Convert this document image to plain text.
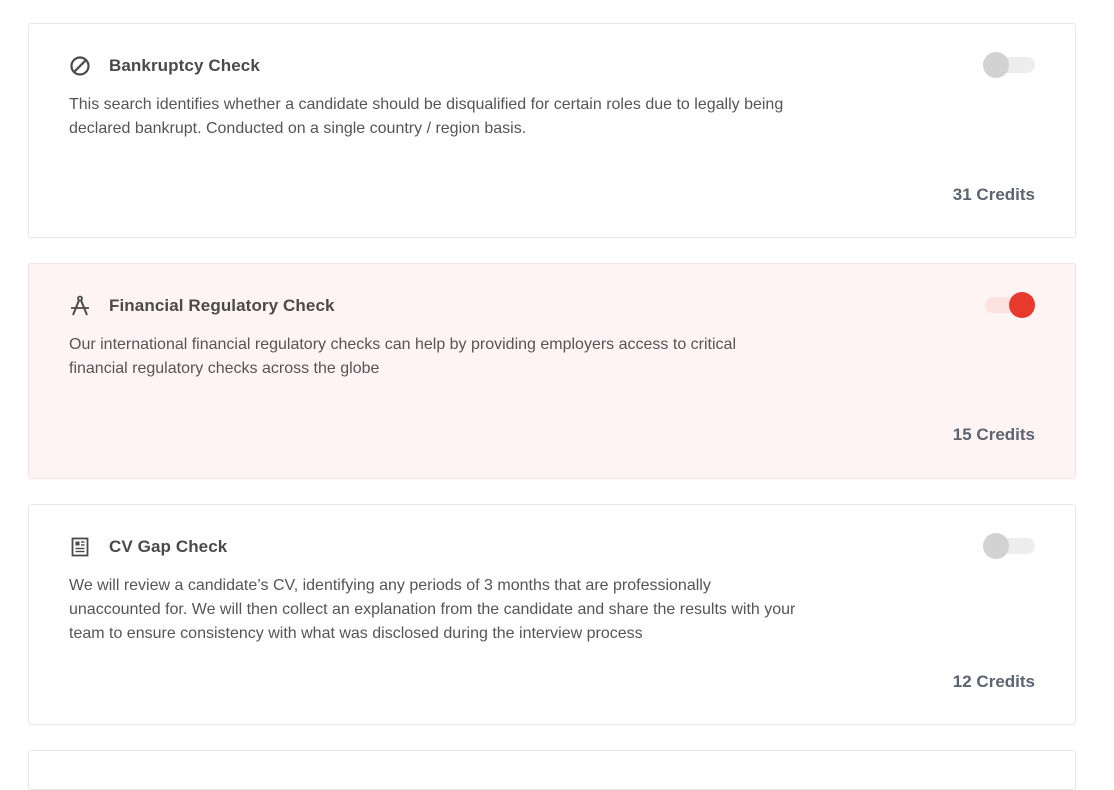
Bankruptcy Check
This search identifies whether a candidate should be disqualified for certain roles due to legally being declared bankrupt. Conducted on a single country / region basis.
31 Credits
Financial Regulatory Check
Our international financial regulatory checks can help by providing employers access to critical financial regulatory checks across the globe
15 Credits
CV Gap Check
We will review a candidate’s CV, identifying any periods of 3 months that are professionally unaccounted for. We will then collect an explanation from the candidate and share the results with your team to ensure consistency with what was disclosed during the interview process
12 Credits
